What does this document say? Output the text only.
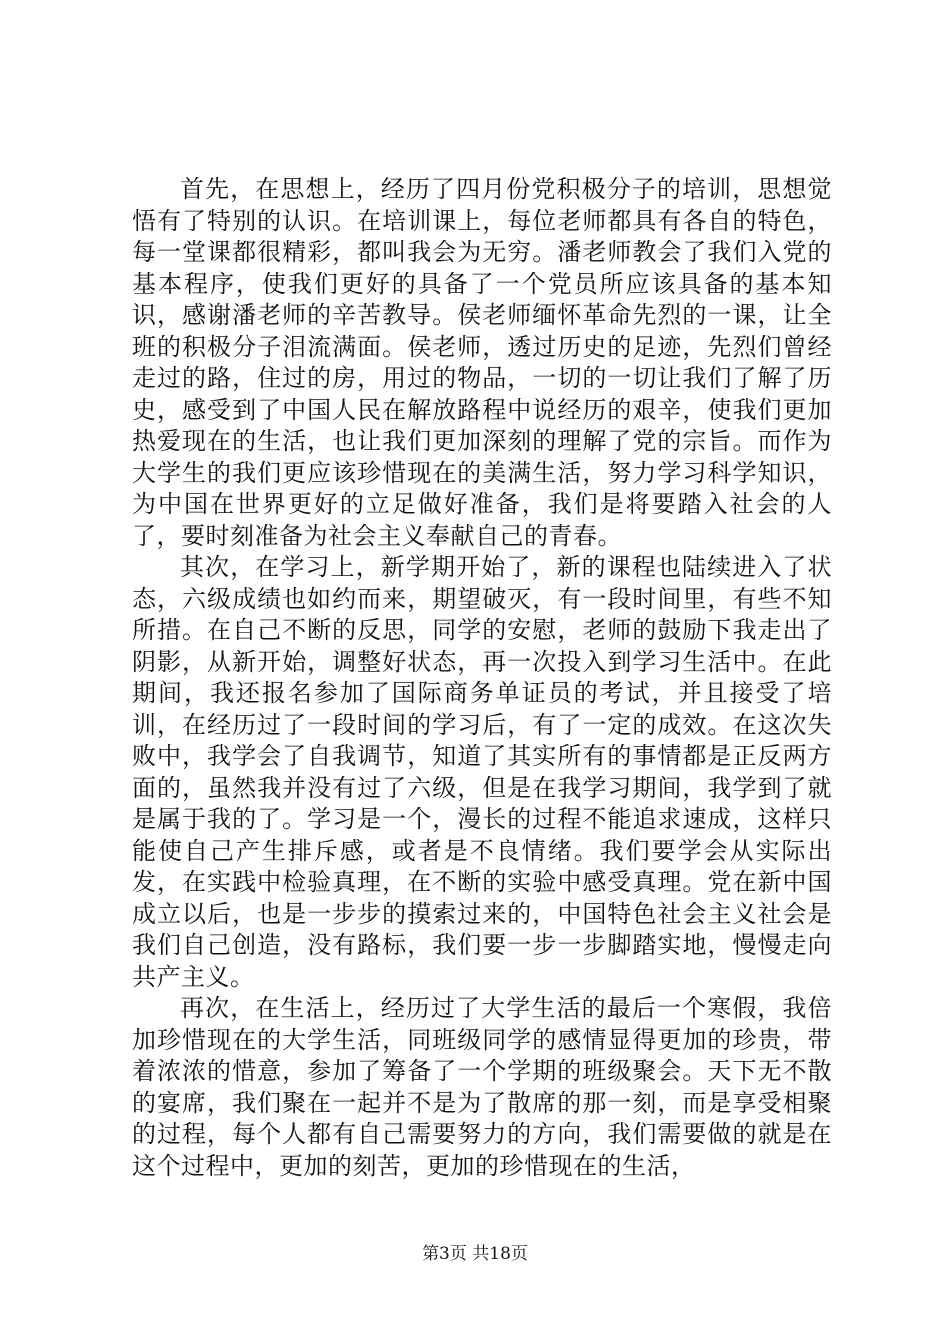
首先，在思想上，经历了四月份党积极分子的培训，思想觉悟有了特别的认识。在培训课上，每位老师都具有各自的特色，每一堂课都很精彩，都叫我会为无穷。潘老师教会了我们入党的基本程序，使我们更好的具备了一个党员所应该具备的基本知识，感谢潘老师的辛苦教导。侯老师缅怀革命先烈的一课，让全班的积极分子泪流满面。侯老师，透过历史的足迹，先烈们曾经走过的路，住过的房，用过的物品，一切的一切让我们了解了历史，感受到了中国人民在解放路程中说经历的艰辛，使我们更加热爱现在的生活，也让我们更加深刻的理解了党的宗旨。而作为大学生的我们更应该珍惜现在的美满生活，努力学习科学知识，为中国在世界更好的立足做好准备，我们是将要踏入社会的人了，要时刻准备为社会主义奉献自己的青春。

其次，在学习上，新学期开始了，新的课程也陆续进入了状态，六级成绩也如约而来，期望破灭，有一段时间里，有些不知所措。在自己不断的反思，同学的安慰，老师的鼓励下我走出了阴影，从新开始，调整好状态，再一次投入到学习生活中。在此期间，我还报名参加了国际商务单证员的考试，并且接受了培训，在经历过了一段时间的学习后，有了一定的成效。在这次失败中，我学会了自我调节，知道了其实所有的事情都是正反两方面的，虽然我并没有过了六级，但是在我学习期间，我学到了就是属于我的了。学习是一个，漫长的过程不能追求速成，这样只能使自己产生排斥感，或者是不良情绪。我们要学会从实际出发，在实践中检验真理，在不断的实验中感受真理。党在新中国成立以后，也是一步步的摸索过来的，中国特色社会主义社会是我们自己创造，没有路标，我们要一步一步脚踏实地，慢慢走向共产主义。

再次，在生活上，经历过了大学生活的最后一个寒假，我倍加珍惜现在的大学生活，同班级同学的感情显得更加的珍贵，带着浓浓的惜意，参加了筹备了一个学期的班级聚会。天下无不散的宴席，我们聚在一起并不是为了散席的那一刻，而是享受相聚的过程，每个人都有自己需要努力的方向，我们需要做的就是在这个过程中，更加的刻苦，更加的珍惜现在的生活，

第3页 共18页
